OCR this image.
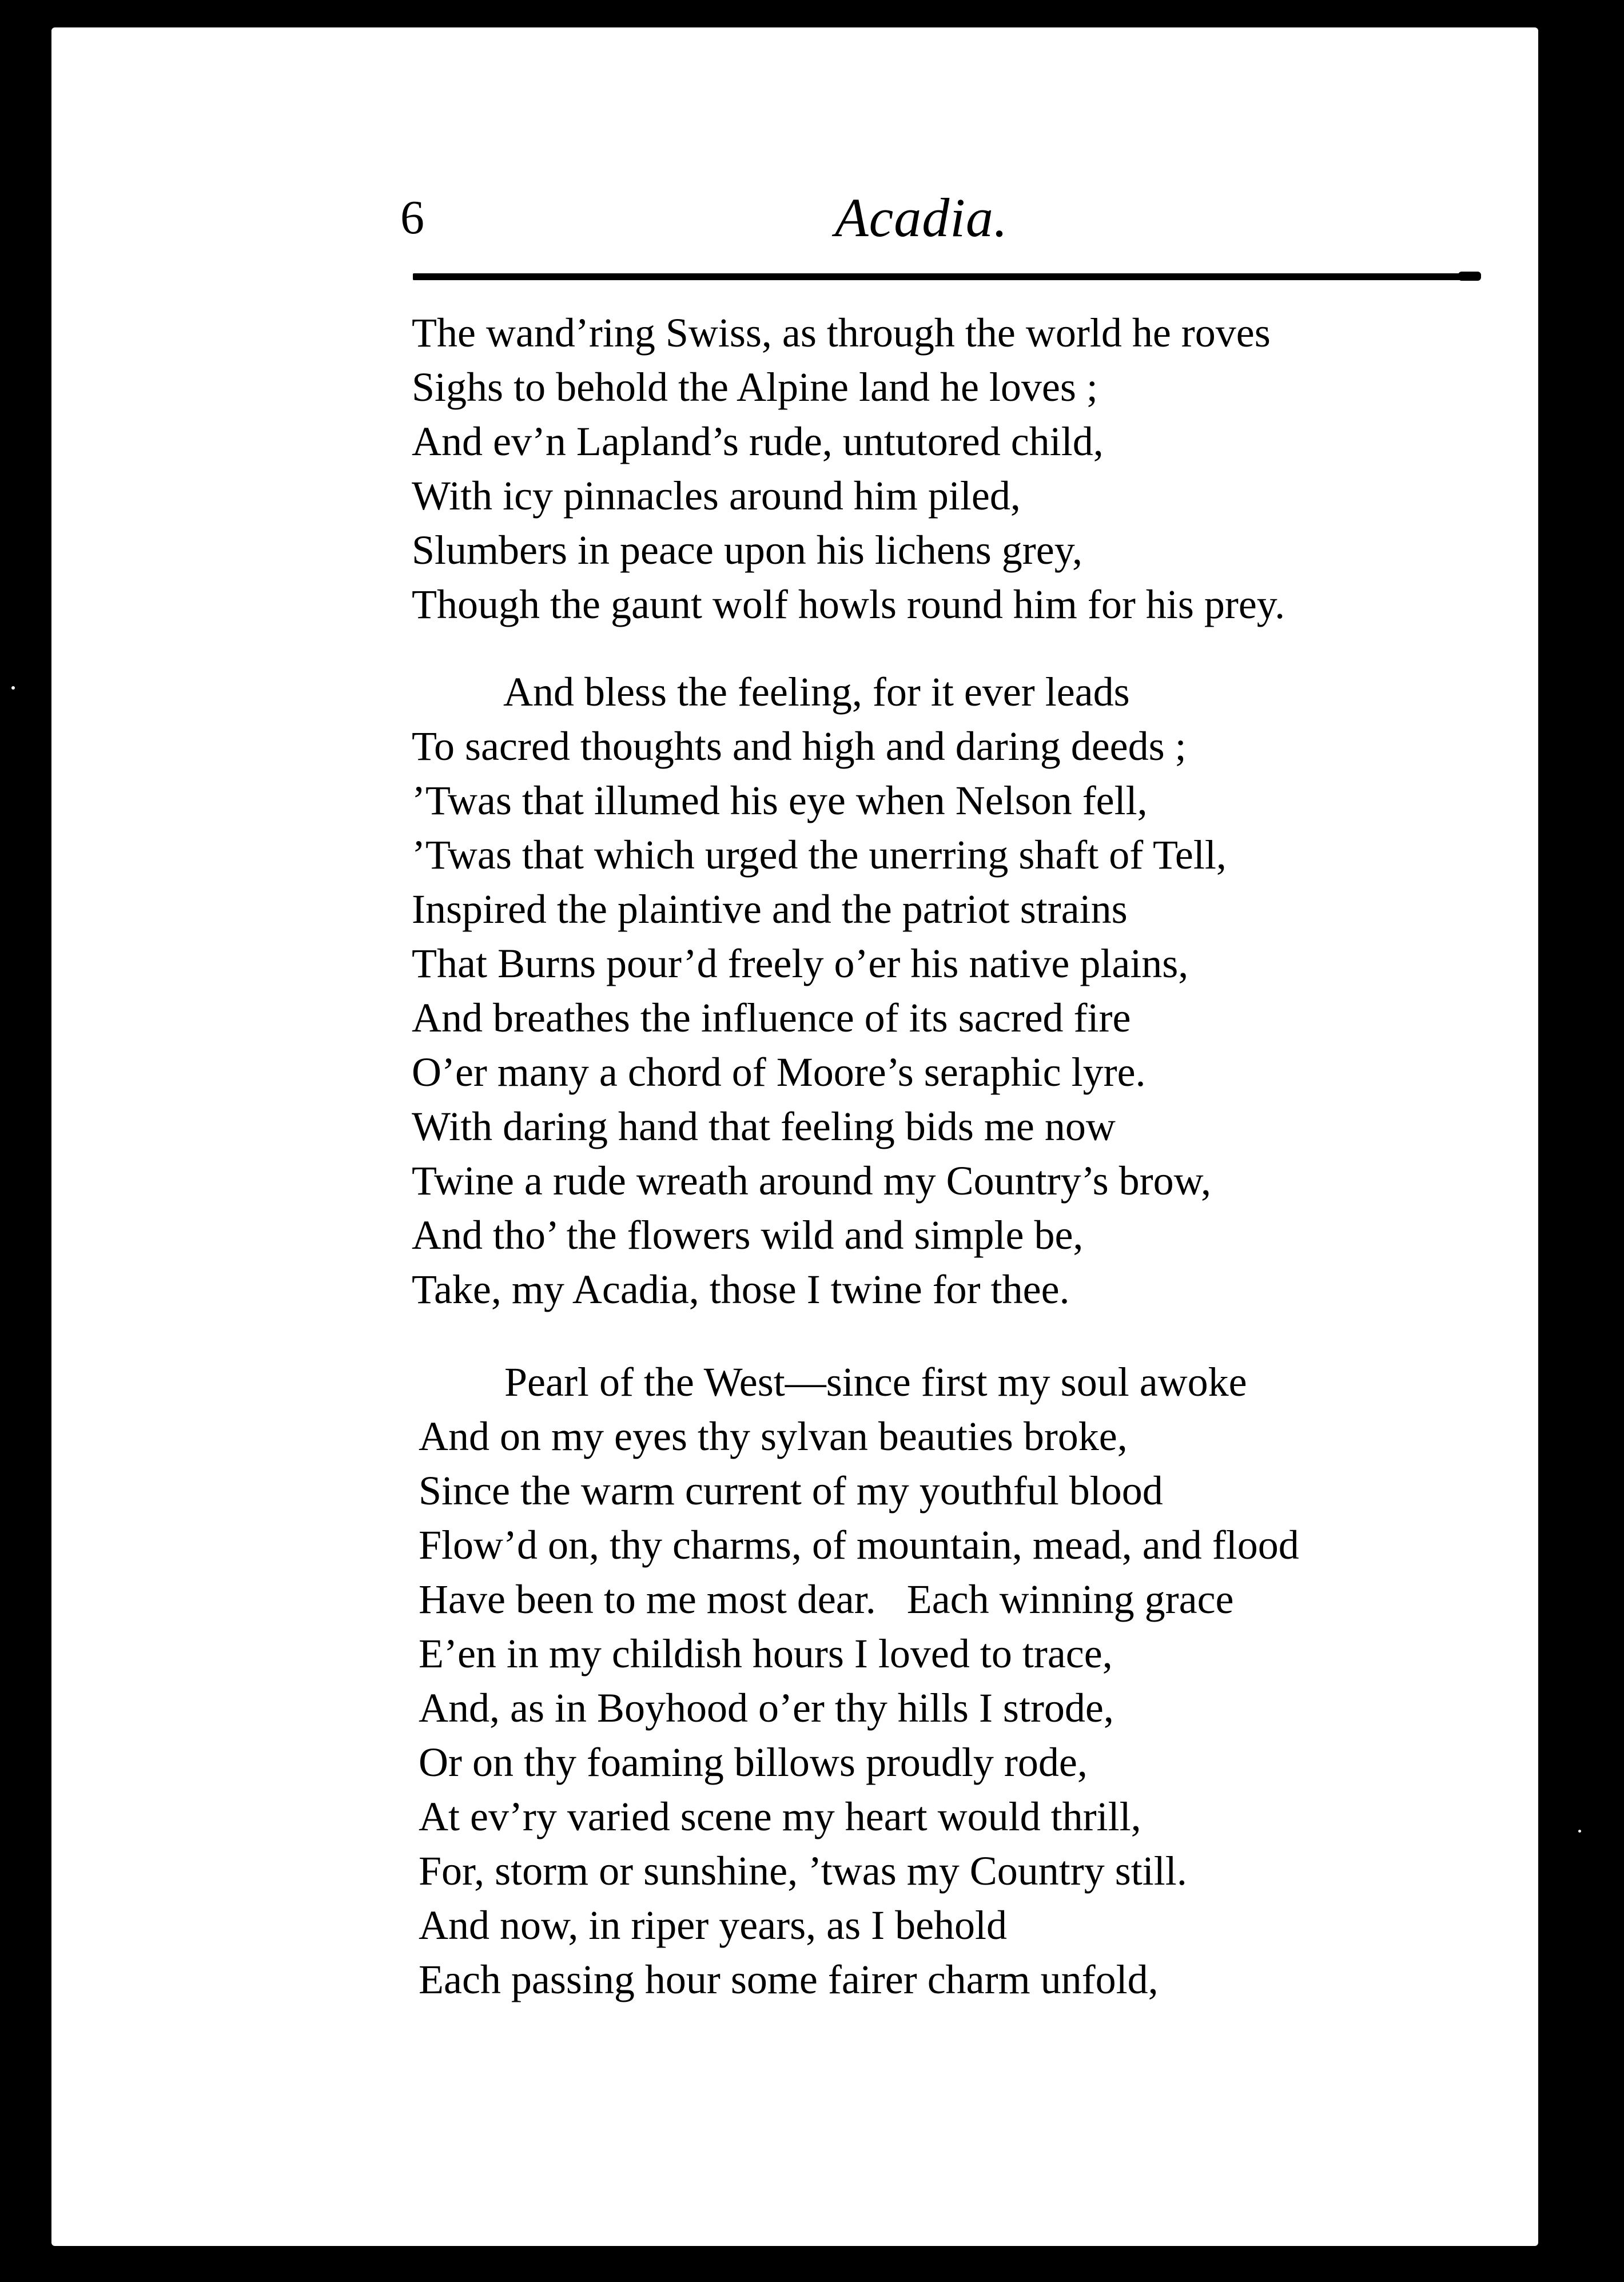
6	Acadia.
The wand’ring Swiss, as through the world he roves
Sighs to behold the Alpine land he loves ;
And ev’n Lapland’s rude, untutored child,
With icy pinnacles around him piled,
Slumbers in peace upon his lichens grey,
Though the gaunt wolf howls round him for his prey.
And bless the feeling, for it ever leads
To sacred thoughts and high and daring deeds ;
’Twas that illumed his eye when Nelson fell,
’Twas that which urged the unerring shaft of Tell,
Inspired the plaintive and the patriot strains
That Burns pour’d freely o’er his native plains,
And breathes the influence of its sacred fire
O’er many a chord of Moore’s seraphic lyre.
With daring hand that feeling bids me now
Twine a rude wreath around my Country’s brow,
And tho’ the flowers wild and simple be,
Take, my Acadia, those I twine for thee.
Pearl of the West—since first my soul awoke
And on my eyes thy sylvan beauties broke,
Since the warm current of my youthful blood
Flow’d on, thy charms, of mountain, mead, and flood
Have been to me most dear.   Each winning grace
E’en in my childish hours I loved to trace,
And, as in Boyhood o’er thy hills I strode,
Or on thy foaming billows proudly rode,
At ev’ry varied scene my heart would thrill,
For, storm or sunshine, ’twas my Country still.
And now, in riper years, as I behold
Each passing hour some fairer charm unfold,
